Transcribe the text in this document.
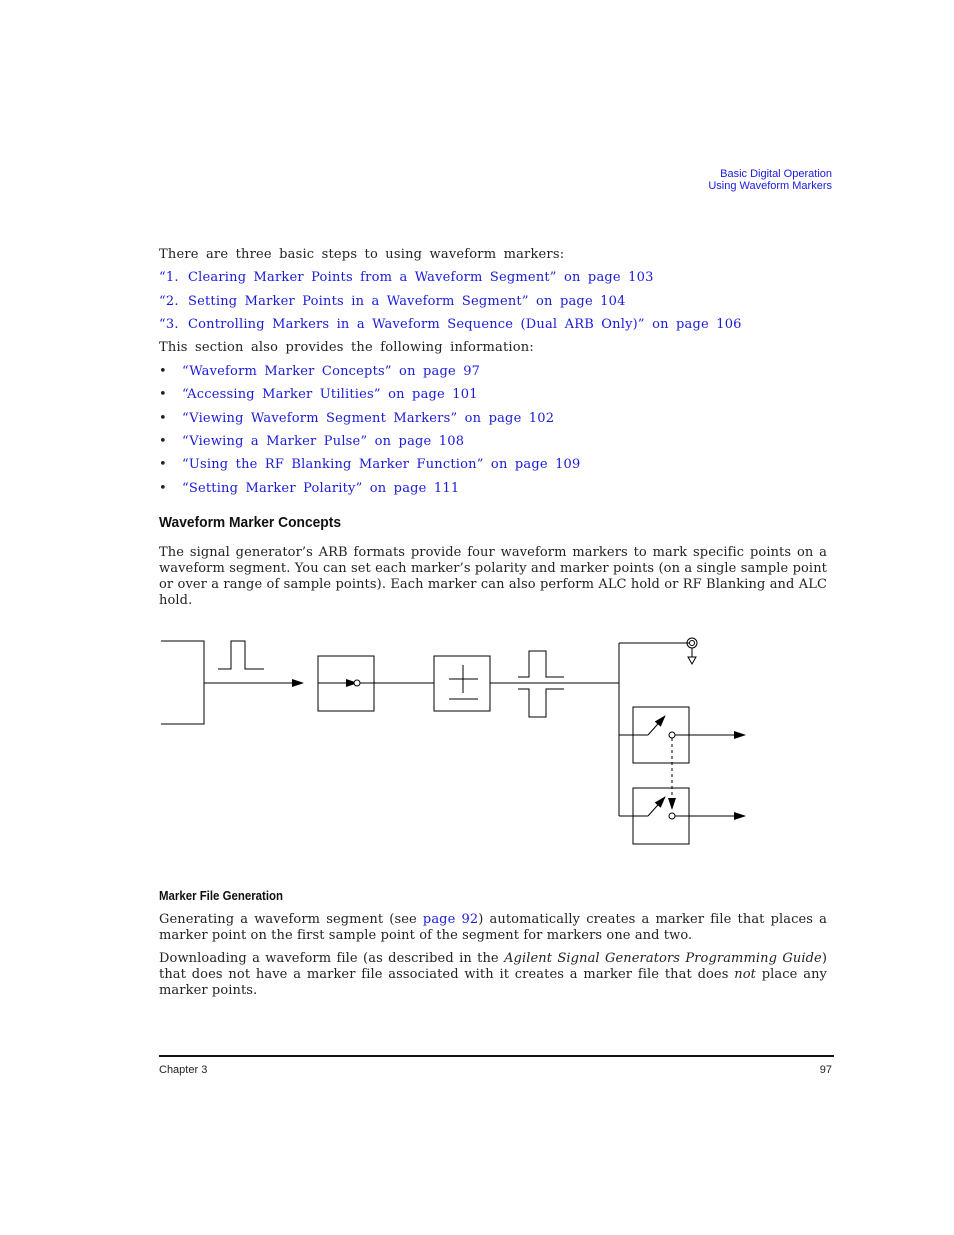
Basic Digital Operation
Using Waveform Markers
There are three basic steps to using waveform markers:
“1. Clearing Marker Points from a Waveform Segment” on page 103
“2. Setting Marker Points in a Waveform Segment” on page 104
“3. Controlling Markers in a Waveform Sequence (Dual ARB Only)” on page 106
This section also provides the following information:
• “Waveform Marker Concepts” on page 97
• “Accessing Marker Utilities” on page 101
• “Viewing Waveform Segment Markers” on page 102
• “Viewing a Marker Pulse” on page 108
• “Using the RF Blanking Marker Function” on page 109
• “Setting Marker Polarity” on page 111
Waveform Marker Concepts
The signal generator’s ARB formats provide four waveform markers to mark specific points on a
waveform segment. You can set each marker’s polarity and marker points (on a single sample point
or over a range of sample points). Each marker can also perform ALC hold or RF Blanking and ALC
hold.
Marker File Generation
Generating a waveform segment (see page 92) automatically creates a marker file that places a
marker point on the first sample point of the segment for markers one and two.
Downloading a waveform file (as described in the Agilent Signal Generators Programming Guide)
that does not have a marker file associated with it creates a marker file that does not place any
marker points.
Chapter 3	97
